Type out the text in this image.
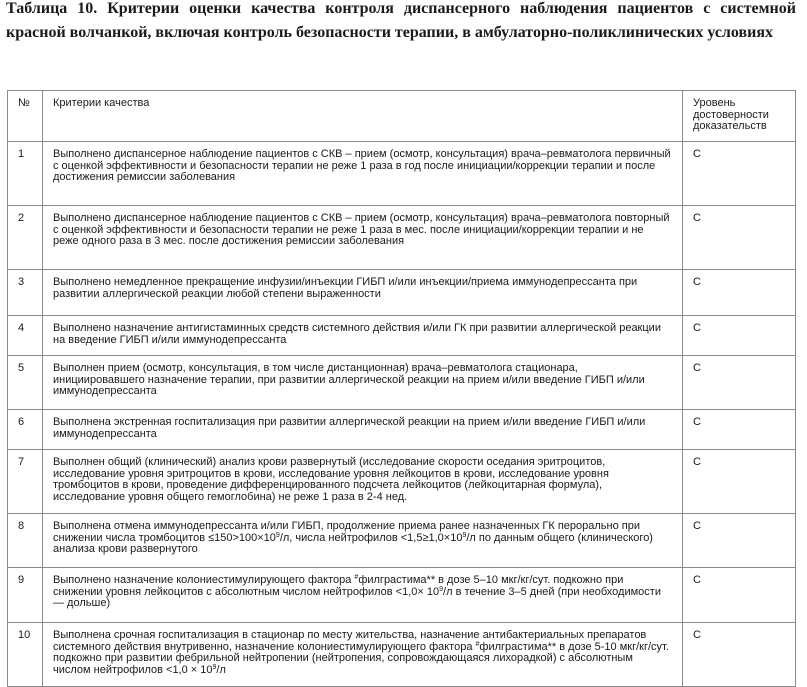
Таблица 10. Критерии оценки качества контроля диспансерного наблюдения пациентов с системной красной волчанкой, включая контроль безопасности терапии, в амбулаторно-поликлинических условиях

№	Критерии качества	Уровень достоверности доказательств
1	Выполнено диспансерное наблюдение пациентов с СКВ – прием (осмотр, консультация) врача–ревматолога первичный с оценкой эффективности и безопасности терапии не реже 1 раза в год после инициации/коррекции терапии и после достижения ремиссии заболевания	C
2	Выполнено диспансерное наблюдение пациентов с СКВ – прием (осмотр, консультация) врача–ревматолога повторный с оценкой эффективности и безопасности терапии не реже 1 раза в мес. после инициации/коррекции терапии и не реже одного раза в 3 мес. после достижения ремиссии заболевания	C
3	Выполнено немедленное прекращение инфузии/инъекции ГИБП и/или инъекции/приема иммунодепрессанта при развитии аллергической реакции любой степени выраженности	C
4	Выполнено назначение антигистаминных средств системного действия и/или ГК при развитии аллергической реакции на введение ГИБП и/или иммунодепрессанта	C
5	Выполнен прием (осмотр, консультация, в том числе дистанционная) врача–ревматолога стационара, инициировавшего назначение терапии, при развитии аллергической реакции на прием и/или введение ГИБП и/или иммунодепрессанта	C
6	Выполнена экстренная госпитализация при развитии аллергической реакции на прием и/или введение ГИБП и/или иммунодепрессанта	C
7	Выполнен общий (клинический) анализ крови развернутый (исследование скорости оседания эритроцитов, исследование уровня эритроцитов в крови, исследование уровня лейкоцитов в крови, исследование уровня тромбоцитов в крови, проведение дифференцированного подсчета лейкоцитов (лейкоцитарная формула), исследование уровня общего гемоглобина) не реже 1 раза в 2-4 нед.	C
8	Выполнена отмена иммунодепрессанта и/или ГИБП, продолжение приема ранее назначенных ГК перорально при снижении числа тромбоцитов $\le 150>100\times 10^9/л$, числа нейтрофилов $<1,5\ge 1,0\times 10^9/л$ по данным общего (клинического) анализа крови развернутого	C
9	Выполнено назначение колониестимулирующего фактора #филграстима** в дозе 5–10 мкг/кг/сут. подкожно при снижении уровня лейкоцитов с абсолютным числом нейтрофилов $<1,0\times 10^9/л$ в течение 3–5 дней (при необходимости — дольше)	C
10	Выполнена срочная госпитализация в стационар по месту жительства, назначение антибактериальных препаратов системного действия внутривенно, назначение колониестимулирующего фактора #филграстима** в дозе 5-10 мкг/кг/сут. подкожно при развитии фебрильной нейтропении (нейтропения, сопровождающаяся лихорадкой) с абсолютным числом нейтрофилов $<1,0 \times 10^9/л$	C
